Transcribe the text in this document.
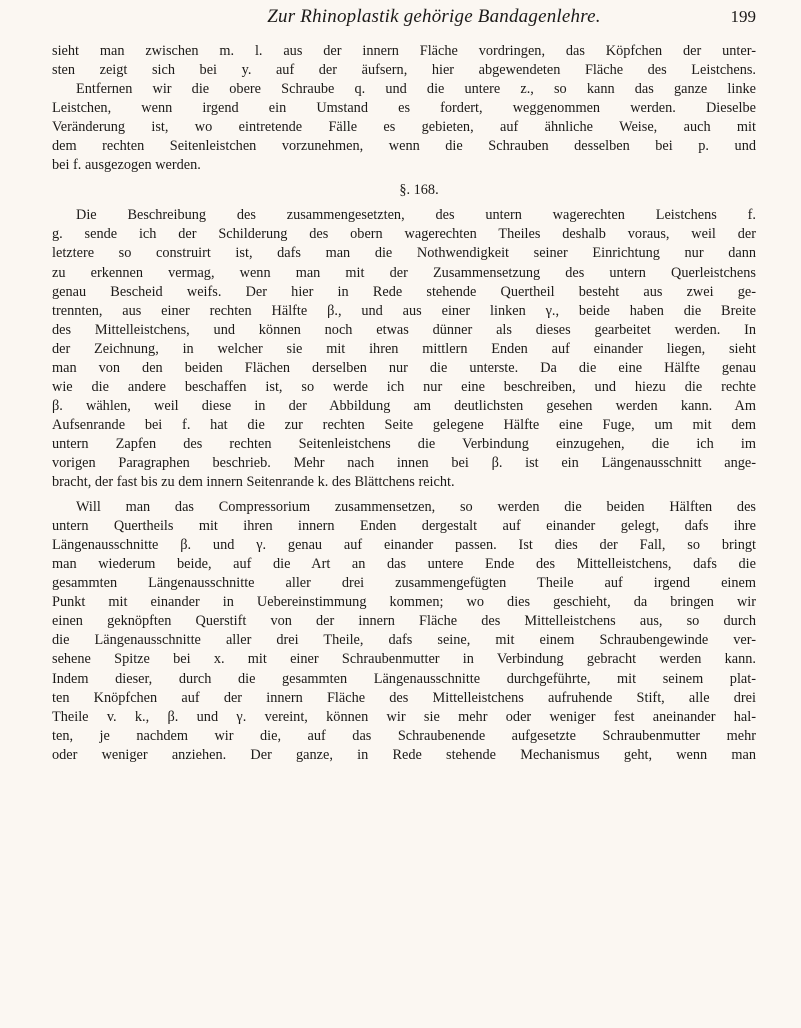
Zur Rhinoplastik gehörige Bandagenlehre.	199
sieht man zwischen m. l. aus der innern Fläche vordringen, das Köpfchen der unter-
sten zeigt sich bei y. auf der äufsern, hier abgewendeten Fläche des Leistchens.
Entfernen wir die obere Schraube q. und die untere z., so kann das ganze linke
Leistchen, wenn irgend ein Umstand es fordert, weggenommen werden. Dieselbe
Veränderung ist, wo eintretende Fälle es gebieten, auf ähnliche Weise, auch mit
dem rechten Seitenleistchen vorzunehmen, wenn die Schrauben desselben bei p. und
bei f. ausgezogen werden.
§. 168.
Die Beschreibung des zusammengesetzten, des untern wagerechten Leistchens f.
g. sende ich der Schilderung des obern wagerechten Theiles deshalb voraus, weil der
letztere so construirt ist, dafs man die Nothwendigkeit seiner Einrichtung nur dann
zu erkennen vermag, wenn man mit der Zusammensetzung des untern Querleistchens
genau Bescheid weifs. Der hier in Rede stehende Quertheil besteht aus zwei ge-
trennten, aus einer rechten Hälfte β., und aus einer linken γ., beide haben die Breite
des Mittelleistchens, und können noch etwas dünner als dieses gearbeitet werden. In
der Zeichnung, in welcher sie mit ihren mittlern Enden auf einander liegen, sieht
man von den beiden Flächen derselben nur die unterste. Da die eine Hälfte genau
wie die andere beschaffen ist, so werde ich nur eine beschreiben, und hiezu die rechte
β. wählen, weil diese in der Abbildung am deutlichsten gesehen werden kann. Am
Aufsenrande bei f. hat die zur rechten Seite gelegene Hälfte eine Fuge, um mit dem
untern Zapfen des rechten Seitenleistchens die Verbindung einzugehen, die ich im
vorigen Paragraphen beschrieb. Mehr nach innen bei β. ist ein Längenausschnitt ange-
bracht, der fast bis zu dem innern Seitenrande k. des Blättchens reicht.
Will man das Compressorium zusammensetzen, so werden die beiden Hälften des
untern Quertheils mit ihren innern Enden dergestalt auf einander gelegt, dafs ihre
Längenausschnitte β. und γ. genau auf einander passen. Ist dies der Fall, so bringt
man wiederum beide, auf die Art an das untere Ende des Mittelleistchens, dafs die
gesammten Längenausschnitte aller drei zusammengefügten Theile auf irgend einem
Punkt mit einander in Uebereinstimmung kommen; wo dies geschieht, da bringen wir
einen geknöpften Querstift von der innern Fläche des Mittelleistchens aus, so durch
die Längenausschnitte aller drei Theile, dafs seine, mit einem Schraubengewinde ver-
sehene Spitze bei x. mit einer Schraubenmutter in Verbindung gebracht werden kann.
Indem dieser, durch die gesammten Längenausschnitte durchgeführte, mit seinem plat-
ten Knöpfchen auf der innern Fläche des Mittelleistchens aufruhende Stift, alle drei
Theile v. k., β. und γ. vereint, können wir sie mehr oder weniger fest aneinander hal-
ten, je nachdem wir die, auf das Schraubenende aufgesetzte Schraubenmutter mehr
oder weniger anziehen. Der ganze, in Rede stehende Mechanismus geht, wenn man
